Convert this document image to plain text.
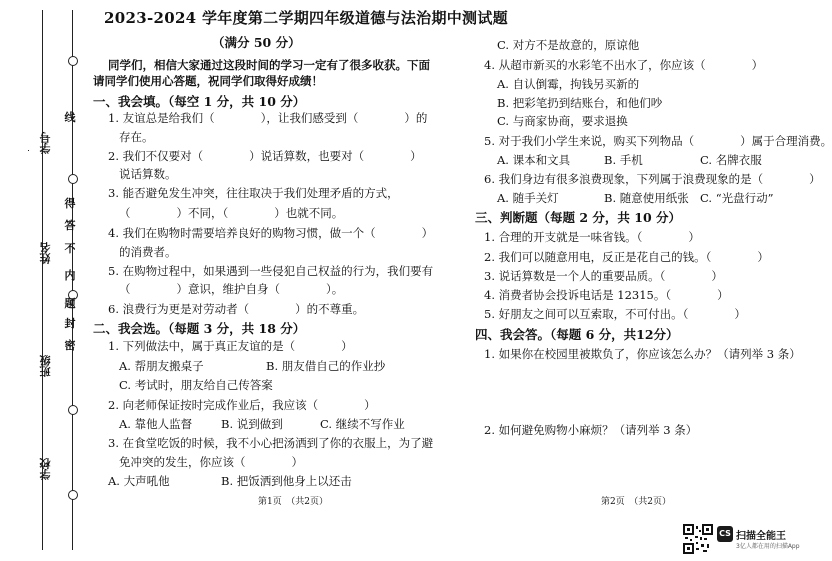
学号
姓名
班级
学校
线
内
不
得
答
题
封
密
2023-2024 学年度第二学期四年级道德与法治期中测试题
（满分 50 分）
同学们，相信大家通过这段时间的学习一定有了很多收获。下面
请同学们使用心答题，祝同学们取得好成绩！
一、我会填。（每空 1 分，共 10 分）
1. 友谊总是给我们（　　　　），让我们感受到（　　　　）的
存在。
2. 我们不仅要对（　　　　）说话算数，也要对（　　　　）
说话算数。
3. 能否避免发生冲突，往往取决于我们处理矛盾的方式，
（　　　　）不同，（　　　　）也就不同。
4. 我们在购物时需要培养良好的购物习惯，做一个（　　　　）
的消费者。
5. 在购物过程中，如果遇到一些侵犯自己权益的行为，我们要有
（　　　　）意识，维护自身（　　　　）。
6. 浪费行为更是对劳动者（　　　　）的不尊重。
二、我会选。（每题 3 分，共 18 分）
1. 下列做法中，属于真正友谊的是（　　　　）
A. 帮朋友搬桌子	B. 朋友借自己的作业抄
C. 考试时，朋友给自己传答案
2. 向老师保证按时完成作业后，我应该（　　　　）
A. 靠他人监督	B. 说到做到	C. 继续不写作业
3. 在食堂吃饭的时候，我不小心把汤洒到了你的衣服上，为了避
免冲突的发生，你应该（　　　　）
A. 大声吼他	B. 把饭洒到他身上以还击
第1页　（共2页）
C. 对方不是故意的，原谅他
4. 从超市新买的水彩笔不出水了，你应该（　　　　）
A. 自认倒霉，拘钱另买新的
B. 把彩笔扔到结账台，和他们吵
C. 与商家协商，要求退换
5. 对于我们小学生来说，购买下列物品（　　　　）属于合理消费。
A. 课本和文具	B. 手机	C. 名牌衣服
6. 我们身边有很多浪费现象，下列属于浪费现象的是（　　　　）
A. 随手关灯	B. 随意使用纸张 C. “光盘行动”
三、判断题（每题 2 分，共 10 分）
1. 合理的开支就是一味省钱。（　　　　）
2. 我们可以随意用电，反正是花自己的钱。（　　　　）
3. 说话算数是一个人的重要品质。（　　　　）
4. 消费者协会投诉电话是 12315。（　　　　）
5. 好朋友之间可以互索取，不可付出。（　　　　）
四、我会答。（每题 6 分，共12分）
1. 如果你在校园里被欺负了，你应该怎么办？（请列举 3 条）
2. 如何避免购物小麻烦？（请列举 3 条）
第2页　（共2页）
CS 扫描全能王
3亿人都在用的扫描App
